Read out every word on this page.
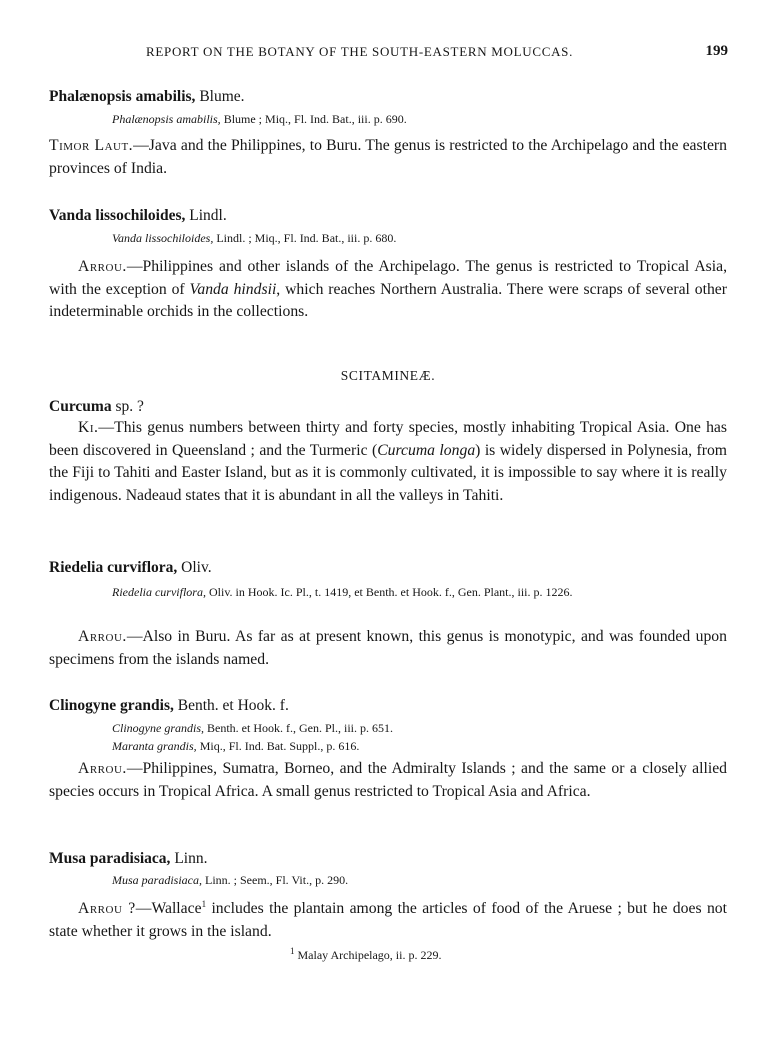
REPORT ON THE BOTANY OF THE SOUTH-EASTERN MOLUCCAS.	199
Phalænopsis amabilis, Blume.
Phalænopsis amabilis, Blume ; Miq., Fl. Ind. Bat., iii. p. 690.
Timor Laut.—Java and the Philippines, to Buru. The genus is restricted to the Archipelago and the eastern provinces of India.
Vanda lissochiloides, Lindl.
Vanda lissochiloides, Lindl. ; Miq., Fl. Ind. Bat., iii. p. 680.
Arrou.—Philippines and other islands of the Archipelago. The genus is restricted to Tropical Asia, with the exception of Vanda hindsii, which reaches Northern Australia. There were scraps of several other indeterminable orchids in the collections.
SCITAMINEÆ.
Curcuma sp. ?
Ki.—This genus numbers between thirty and forty species, mostly inhabiting Tropical Asia. One has been discovered in Queensland ; and the Turmeric (Curcuma longa) is widely dispersed in Polynesia, from the Fiji to Tahiti and Easter Island, but as it is commonly cultivated, it is impossible to say where it is really indigenous. Nadeaud states that it is abundant in all the valleys in Tahiti.
Riedelia curviflora, Oliv.
Riedelia curviflora, Oliv. in Hook. Ic. Pl., t. 1419, et Benth. et Hook. f., Gen. Plant., iii. p. 1226.
Arrou.—Also in Buru. As far as at present known, this genus is monotypic, and was founded upon specimens from the islands named.
Clinogyne grandis, Benth. et Hook. f.
Clinogyne grandis, Benth. et Hook. f., Gen. Pl., iii. p. 651.
Maranta grandis, Miq., Fl. Ind. Bat. Suppl., p. 616.
Arrou.—Philippines, Sumatra, Borneo, and the Admiralty Islands ; and the same or a closely allied species occurs in Tropical Africa. A small genus restricted to Tropical Asia and Africa.
Musa paradisiaca, Linn.
Musa paradisiaca, Linn. ; Seem., Fl. Vit., p. 290.
Arrou ?—Wallace$^1$ includes the plantain among the articles of food of the Aruese ; but he does not state whether it grows in the island.
$^1$ Malay Archipelago, ii. p. 229.
